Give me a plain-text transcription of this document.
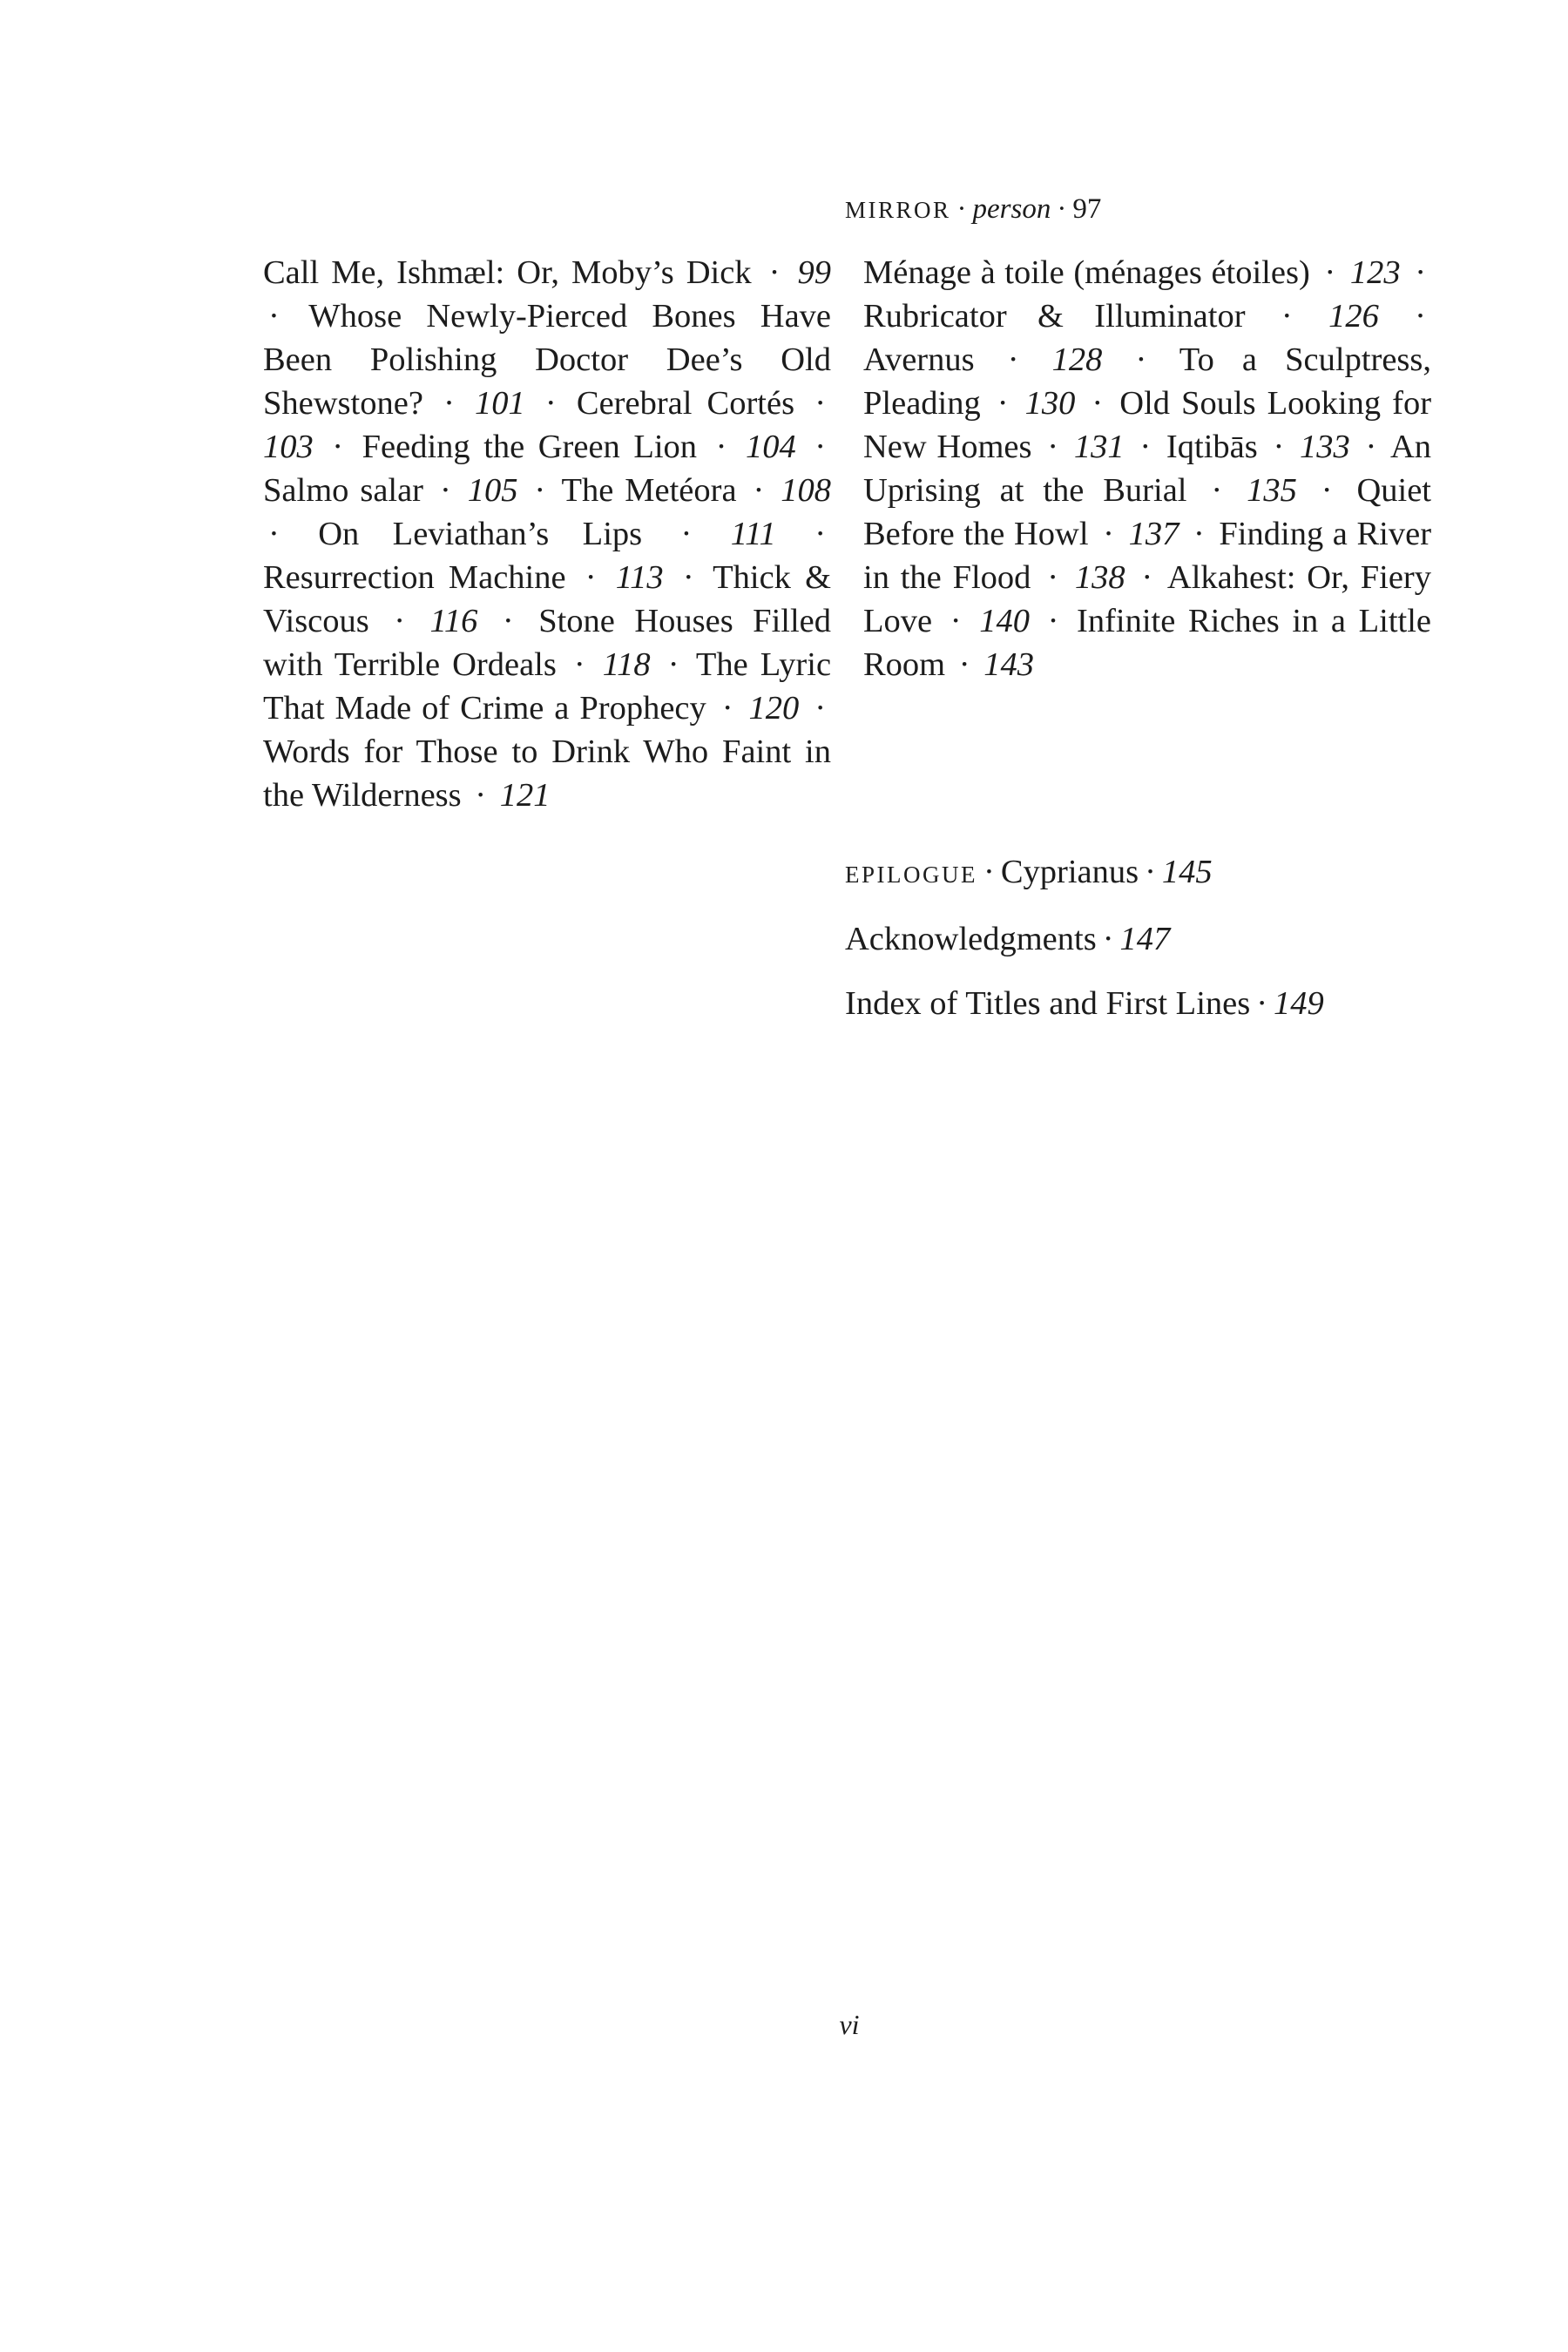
MIRROR · person · 97
Call Me, Ishmæl: Or, Moby’s Dick · 99 · Whose Newly-Pierced Bones Have Been Polishing Doctor Dee’s Old Shewstone? · 101 · Cerebral Cortés · 103 · Feeding the Green Lion · 104 · Salmo salar · 105 · The Metéora · 108 · On Leviathan’s Lips · 111 · Resurrection Machine · 113 · Thick & Viscous · 116 · Stone Houses Filled with Terrible Ordeals · 118 · The Lyric That Made of Crime a Prophecy · 120 · Words for Those to Drink Who Faint in the Wilderness · 121
Ménage à toile (ménages étoiles) · 123 · Rubricator & Illuminator · 126 · Avernus · 128 · To a Sculptress, Pleading · 130 · Old Souls Looking for New Homes · 131 · Iqtibās · 133 · An Uprising at the Burial · 135 · Quiet Before the Howl · 137 · Finding a River in the Flood · 138 · Alkahest: Or, Fiery Love · 140 · Infinite Riches in a Little Room · 143
EPILOGUE · Cyprianus · 145
Acknowledgments · 147
Index of Titles and First Lines · 149
vi
